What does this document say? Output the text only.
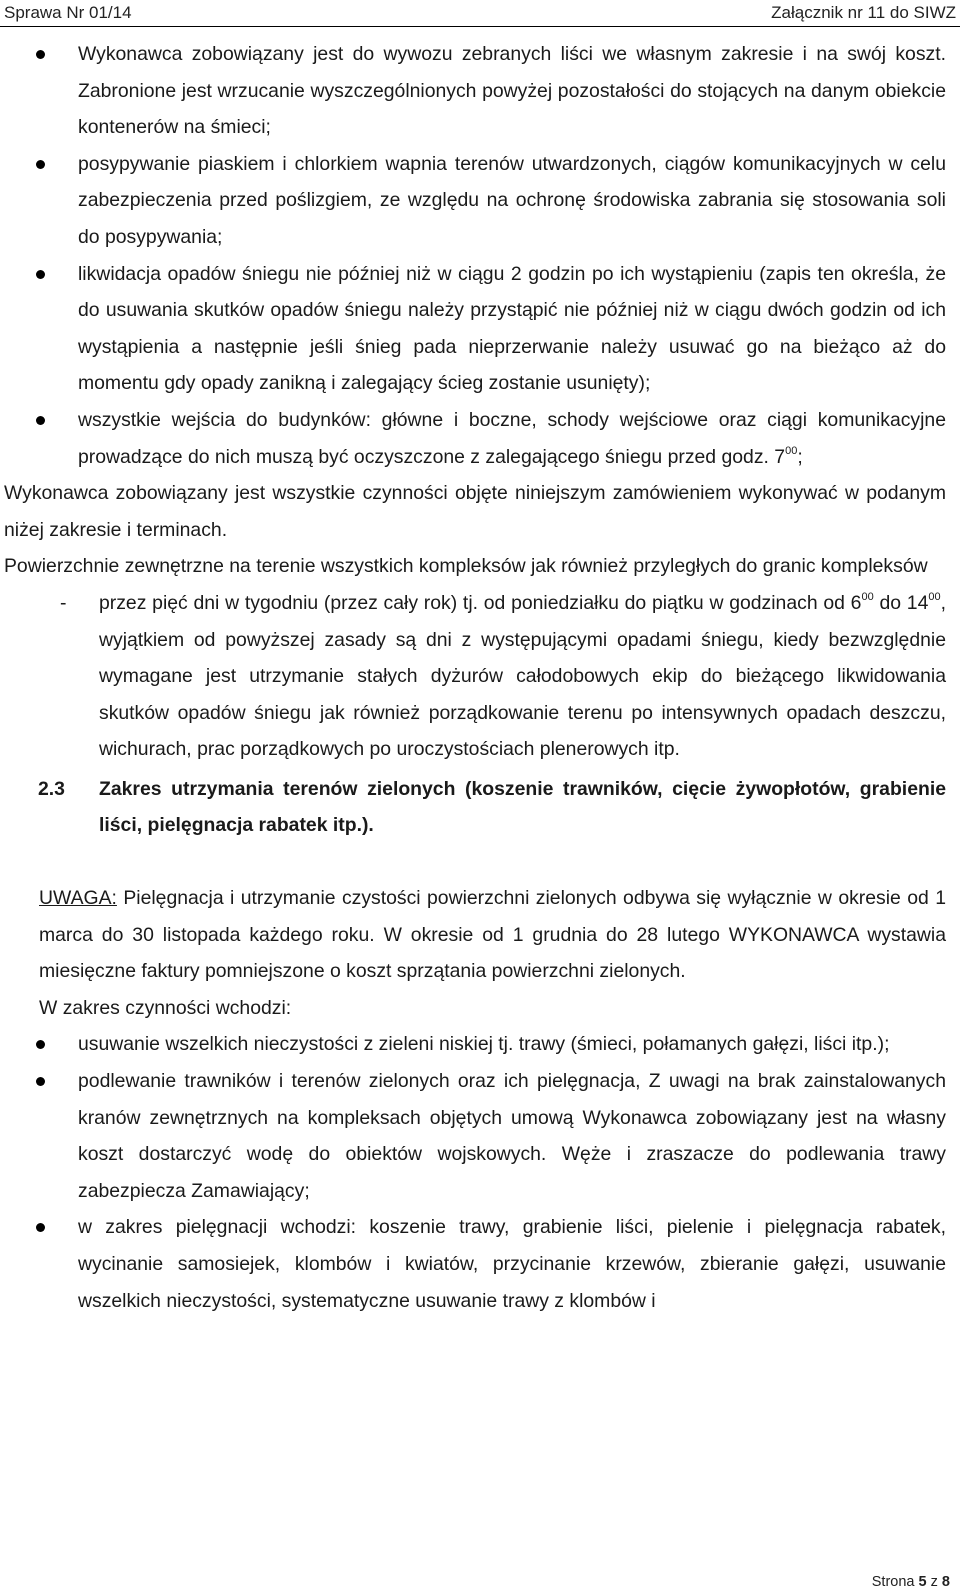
Sprawa Nr 01/14	Załącznik nr 11 do SIWZ
Wykonawca zobowiązany jest do wywozu zebranych liści we własnym zakresie i na swój koszt. Zabronione jest wrzucanie wyszczególnionych powyżej pozostałości do stojących na danym obiekcie kontenerów na śmieci;
posypywanie piaskiem i chlorkiem wapnia terenów utwardzonych, ciągów komunikacyjnych w celu zabezpieczenia przed poślizgiem, ze względu na ochronę środowiska zabrania się stosowania soli do posypywania;
likwidacja opadów śniegu nie później niż w ciągu 2 godzin po ich wystąpieniu (zapis ten określa, że do usuwania skutków opadów śniegu należy przystąpić nie później niż w ciągu dwóch godzin od ich wystąpienia a następnie jeśli śnieg pada nieprzerwanie należy usuwać go na bieżąco aż do momentu gdy opady zanikną i zalegający ścieg zostanie usunięty);
wszystkie wejścia do budynków: główne i boczne, schody wejściowe oraz ciągi komunikacyjne prowadzące do nich muszą być oczyszczone z zalegającego śniegu przed godz. $7^{00}$;

Wykonawca zobowiązany jest wszystkie czynności objęte niniejszym zamówieniem wykonywać w podanym niżej zakresie i terminach.

Powierzchnie zewnętrzne na terenie wszystkich kompleksów jak również przyległych do granic kompleksów

- przez pięć dni w tygodniu (przez cały rok) tj. od poniedziałku do piątku w godzinach od $6^{00}$ do $14^{00}$, wyjątkiem od powyższej zasady są dni z występującymi opadami śniegu, kiedy bezwzględnie wymagane jest utrzymanie stałych dyżurów całodobowych ekip do bieżącego likwidowania skutków opadów śniegu jak również porządkowanie terenu po intensywnych opadach deszczu, wichurach, prac porządkowych po uroczystościach plenerowych itp.
2.3 Zakres utrzymania terenów zielonych (koszenie trawników, cięcie żywopłotów, grabienie liści, pielęgnacja rabatek itp.).

UWAGA: Pielęgnacja i utrzymanie czystości powierzchni zielonych odbywa się wyłącznie w okresie od 1 marca do 30 listopada każdego roku. W okresie od 1 grudnia do 28 lutego WYKONAWCA wystawia miesięczne faktury pomniejszone o koszt sprzątania powierzchni zielonych.

W zakres czynności wchodzi:

usuwanie wszelkich nieczystości z zieleni niskiej tj. trawy (śmieci, połamanych gałęzi, liści itp.);
podlewanie trawników i terenów zielonych oraz ich pielęgnacja, Z uwagi na brak zainstalowanych kranów zewnętrznych na kompleksach objętych umową Wykonawca zobowiązany jest na własny koszt dostarczyć wodę do obiektów wojskowych. Węże i zraszacze do podlewania trawy zabezpiecza Zamawiający;
w zakres pielęgnacji wchodzi: koszenie trawy, grabienie liści, pielenie i pielęgnacja rabatek, wycinanie samosiejek, klombów i kwiatów, przycinanie krzewów, zbieranie gałęzi, usuwanie wszelkich nieczystości, systematyczne usuwanie trawy z klombów i
Strona 5 z 8
